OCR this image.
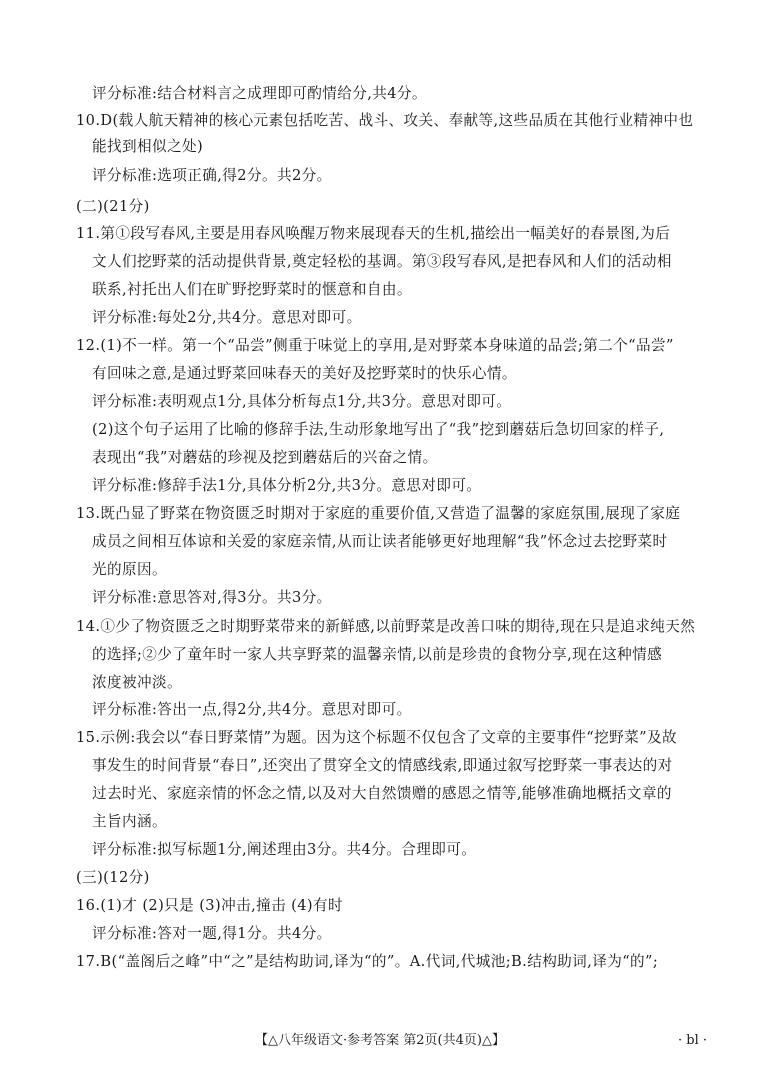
评分标准:结合材料言之成理即可酌情给分,共4分。
10.D(载人航天精神的核心元素包括吃苦、战斗、攻关、奉献等,这些品质在其他行业精神中也
能找到相似之处)
评分标准:选项正确,得2分。共2分。
(二)(21分)
11.第①段写春风,主要是用春风唤醒万物来展现春天的生机,描绘出一幅美好的春景图,为后
文人们挖野菜的活动提供背景,奠定轻松的基调。第③段写春风,是把春风和人们的活动相
联系,衬托出人们在旷野挖野菜时的惬意和自由。
评分标准:每处2分,共4分。意思对即可。
12.(1)不一样。第一个“品尝”侧重于味觉上的享用,是对野菜本身味道的品尝;第二个“品尝”
有回味之意,是通过野菜回味春天的美好及挖野菜时的快乐心情。
评分标准:表明观点1分,具体分析每点1分,共3分。意思对即可。
(2)这个句子运用了比喻的修辞手法,生动形象地写出了“我”挖到蘑菇后急切回家的样子,
表现出“我”对蘑菇的珍视及挖到蘑菇后的兴奋之情。
评分标准:修辞手法1分,具体分析2分,共3分。意思对即可。
13.既凸显了野菜在物资匮乏时期对于家庭的重要价值,又营造了温馨的家庭氛围,展现了家庭
成员之间相互体谅和关爱的家庭亲情,从而让读者能够更好地理解“我”怀念过去挖野菜时
光的原因。
评分标准:意思答对,得3分。共3分。
14.①少了物资匮乏之时期野菜带来的新鲜感,以前野菜是改善口味的期待,现在只是追求纯天然
的选择;②少了童年时一家人共享野菜的温馨亲情,以前是珍贵的食物分享,现在这种情感
浓度被冲淡。
评分标准:答出一点,得2分,共4分。意思对即可。
15.示例:我会以“春日野菜情”为题。因为这个标题不仅包含了文章的主要事件“挖野菜”及故
事发生的时间背景“春日”,还突出了贯穿全文的情感线索,即通过叙写挖野菜一事表达的对
过去时光、家庭亲情的怀念之情,以及对大自然馈赠的感恩之情等,能够准确地概括文章的
主旨内涵。
评分标准:拟写标题1分,阐述理由3分。共4分。合理即可。
(三)(12分)
16.(1)才 (2)只是 (3)冲击,撞击 (4)有时
评分标准:答对一题,得1分。共4分。
17.B(“盖阁后之峰”中“之”是结构助词,译为“的”。A.代词,代城池;B.结构助词,译为“的”;
【△八年级语文·参考答案 第2页(共4页)△】	· bl ·
